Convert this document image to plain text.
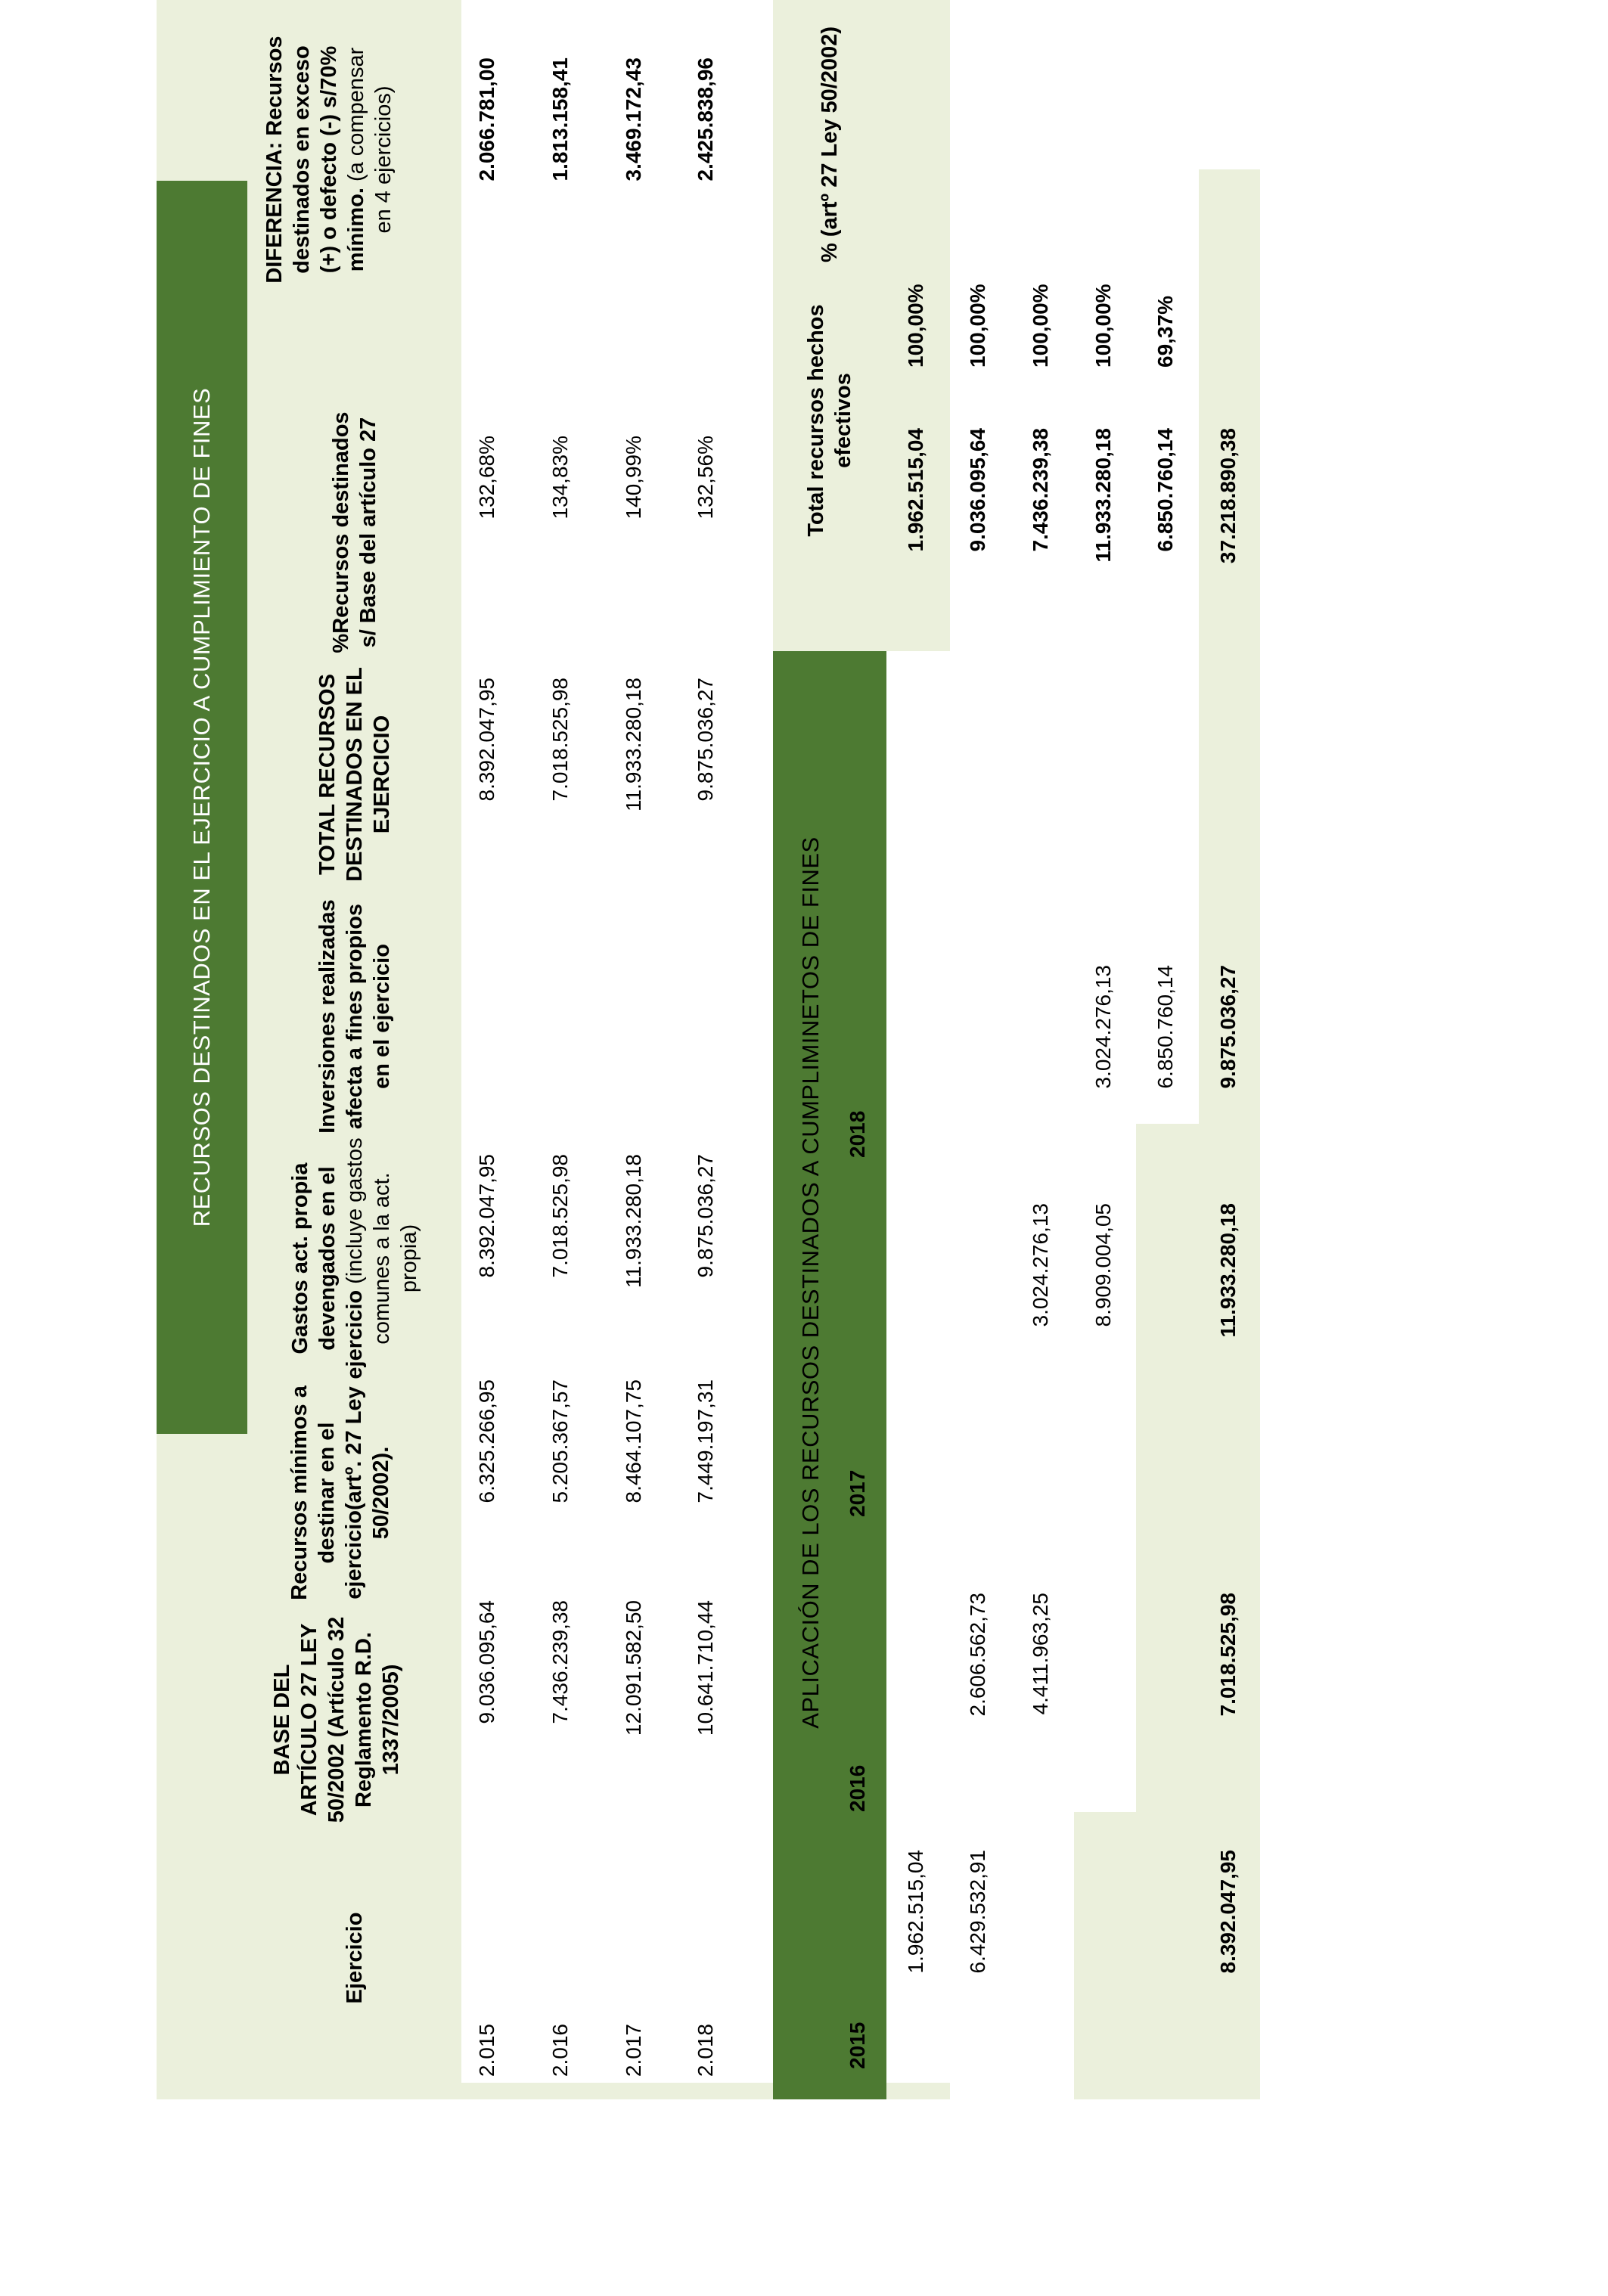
RECURSOS DESTINADOS EN EL EJERCICIO A CUMPLIMIENTO DE FINES
Ejercicio
BASE DEL ARTÍCULO 27 LEY 50/2002 (Artículo 32 Reglamento R.D. 1337/2005)
Recursos mínimos a destinar en el ejercicio(artº. 27 Ley 50/2002).
Gastos act. propia devengados en el ejercicio (incluye gastos comunes a la act. propia)
Inversiones realizadas afecta a fines propios en el ejercicio
TOTAL RECURSOS DESTINADOS EN EL EJERCICIO
%Recursos destinados s/ Base del artículo 27
DIFERENCIA: Recursos destinados en exceso (+) o defecto (-) s/70% mínimo. (a compensar en 4 ejercicios)
2.015
9.036.095,64
6.325.266,95
8.392.047,95
8.392.047,95
132,68%
2.066.781,00
2.016
7.436.239,38
5.205.367,57
7.018.525,98
7.018.525,98
134,83%
1.813.158,41
2.017
12.091.582,50
8.464.107,75
11.933.280,18
11.933.280,18
140,99%
3.469.172,43
2.018
10.641.710,44
7.449.197,31
9.875.036,27
9.875.036,27
132,56%
2.425.838,96
APLICACIÓN DE LOS RECURSOS DESTINADOS A CUMPLIMINETOS DE FINES
2015
2016
2017
2018
1.962.515,04
1.962.515,04
100,00%
6.429.532,91
2.606.562,73
9.036.095,64
100,00%
4.411.963,25
3.024.276,13
7.436.239,38
100,00%
8.909.004,05
3.024.276,13
11.933.280,18
100,00%
6.850.760,14
6.850.760,14
69,37%
8.392.047,95
7.018.525,98
11.933.280,18
9.875.036,27
37.218.890,38
Total recursos hechos efectivos
% (artº 27 Ley 50/2002)
